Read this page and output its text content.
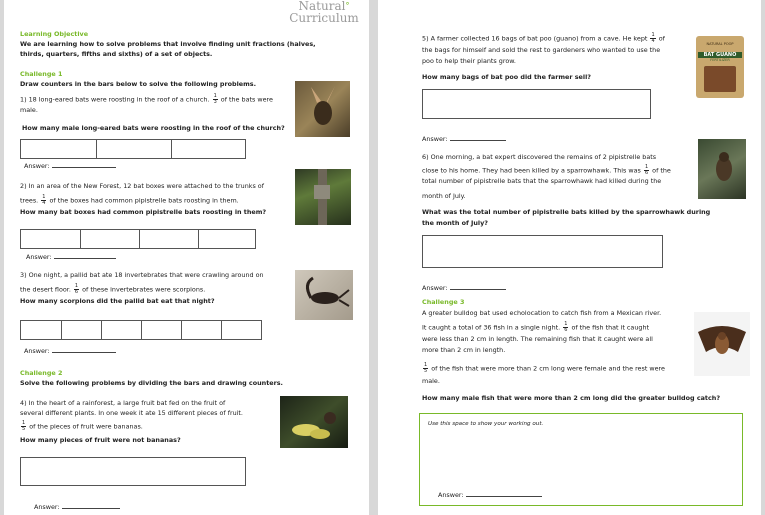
Natural°
Curriculum
Learning Objective
We are learning how to solve problems that involve finding unit fractions (halves,
thirds, quarters, fifths and sixths) of a set of objects.
Challenge 1
Draw counters in the bars below to solve the following problems.
1) 18 long-eared bats were roosting in the roof of a church. $\frac{1}{3}$ of the bats were
male.
How many male long-eared bats were roosting in the roof of the church?
Answer:
2) In an area of the New Forest, 12 bat boxes were attached to the trunks of
trees. $\frac{1}{4}$ of the boxes had common pipistrelle bats roosting in them.
How many bat boxes had common pipistrelle bats roosting in them?
Answer:
3) One night, a pallid bat ate 18 invertebrates that were crawling around on
the desert floor. $\frac{1}{6}$ of these invertebrates were scorpions.
How many scorpions did the pallid bat eat that night?
Answer:
Challenge 2
Solve the following problems by dividing the bars and drawing counters.
4) In the heart of a rainforest, a large fruit bat fed on the fruit of
several different plants. In one week it ate 15 different pieces of fruit.
$\frac{1}{5}$ of the pieces of fruit were bananas.
How many pieces of fruit were not bananas?
Answer:
5) A farmer collected 16 bags of bat poo (guano) from a cave. He kept $\frac{1}{4}$ of
the bags for himself and sold the rest to gardeners who wanted to use the
poo to help their plants grow.
How many bags of bat poo did the farmer sell?
NATURAL POOP
BAT GUANO
FERTILIZER
Answer:
6) One morning, a bat expert discovered the remains of 2 pipistrelle bats
close to his home. They had been killed by a sparrowhawk. This was $\frac{1}{6}$ of the
total number of pipistrelle bats that the sparrowhawk had killed during the
month of July.
What was the total number of pipistrelle bats killed by the sparrowhawk during
the month of July?
Answer:
Challenge 3
A greater bulldog bat used echolocation to catch fish from a Mexican river.
It caught a total of 36 fish in a single night. $\frac{1}{6}$ of the fish that it caught
were less than 2 cm in length. The remaining fish that it caught were all
more than 2 cm in length.
$\frac{1}{5}$ of the fish that were more than 2 cm long were female and the rest were
male.
How many male fish that were more than 2 cm long did the greater bulldog catch?
Use this space to show your working out.
Answer:
